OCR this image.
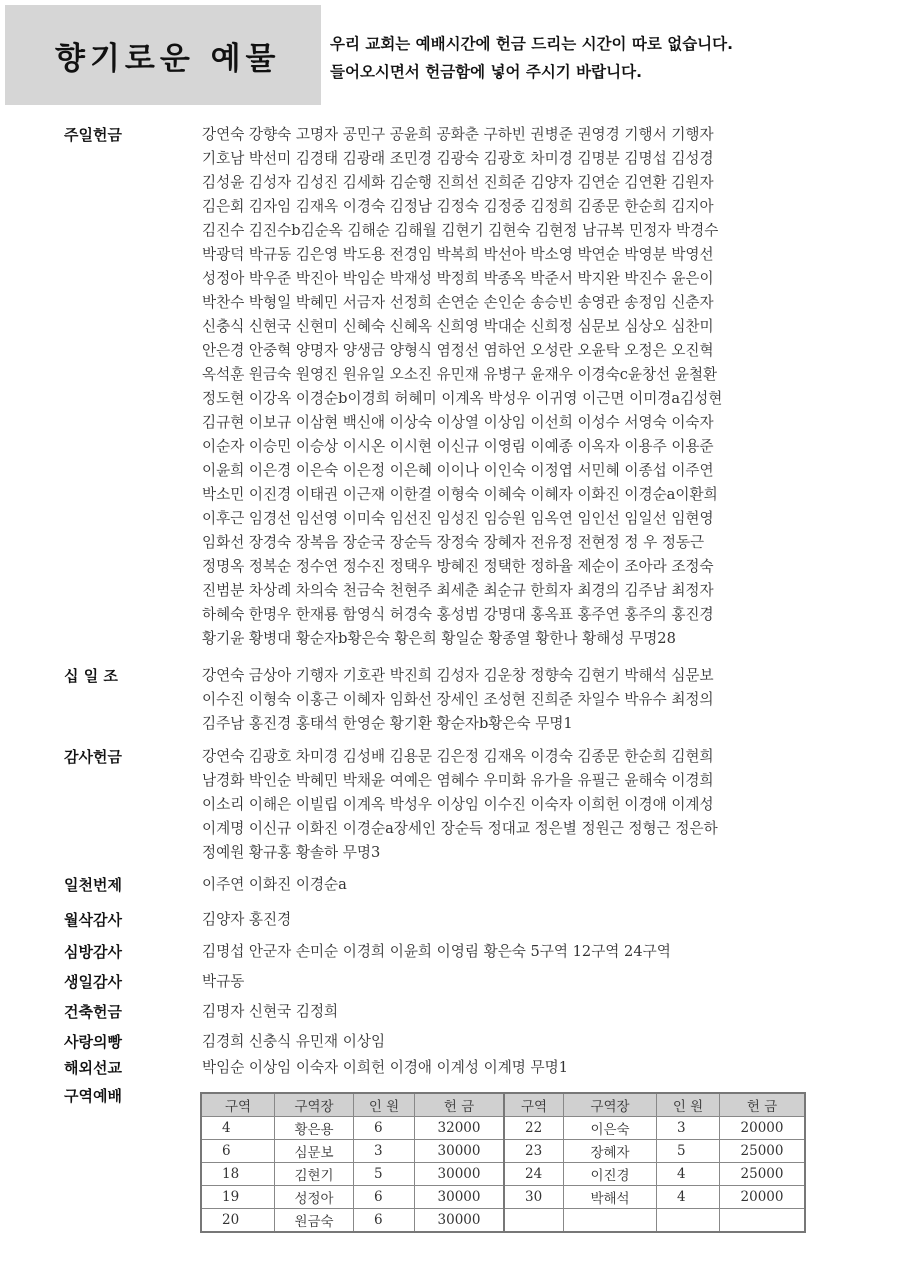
향기로운 예물	우리 교회는 예배시간에 헌금 드리는 시간이 따로 없습니다.
들어오시면서 헌금함에 넣어 주시기 바랍니다.
주일헌금	강연숙 강향숙 고명자 공민구 공윤희 공화춘 구하빈 권병준 권영경 기행서 기행자
기호남 박선미 김경태 김광래 조민경 김광숙 김광호 차미경 김명분 김명섭 김성경
김성윤 김성자 김성진 김세화 김순행 진희선 진희준 김양자 김연순 김연환 김원자
김은회 김자임 김재옥 이경숙 김정남 김정숙 김정중 김정희 김종문 한순희 김지아
김진수 김진수b김순옥 김해순 김해월 김현기 김현숙 김현정 남규복 민정자 박경수
박광덕 박규동 김은영 박도용 전경임 박복희 박선아 박소영 박연순 박영분 박영선
성정아 박우준 박진아 박임순 박재성 박정희 박종옥 박준서 박지완 박진수 윤은이
박찬수 박형일 박혜민 서금자 선정희 손연순 손인순 송승빈 송영관 송정임 신춘자
신충식 신현국 신현미 신혜숙 신혜옥 신희영 박대순 신희정 심문보 심상오 심찬미
안은경 안중혁 양명자 양생금 양형식 염정선 염하언 오성란 오윤탁 오정은 오진혁
옥석훈 원금숙 원영진 원유일 오소진 유민재 유병구 윤재우 이경숙c윤창선 윤철환
정도현 이강옥 이경순b이경희 허혜미 이계옥 박성우 이귀영 이근면 이미경a김성현
김규현 이보규 이삼현 백신애 이상숙 이상열 이상임 이선희 이성수 서영숙 이숙자
이순자 이승민 이승상 이시온 이시현 이신규 이영림 이예종 이옥자 이용주 이용준
이윤희 이은경 이은숙 이은정 이은혜 이이나 이인숙 이정엽 서민혜 이종섭 이주연
박소민 이진경 이태권 이근재 이한결 이형숙 이혜숙 이혜자 이화진 이경순a이환희
이후근 임경선 임선영 이미숙 임선진 임성진 임승원 임옥연 임인선 임일선 임현영
임화선 장경숙 장복음 장순국 장순득 장정숙 장혜자 전유정 전현정 정 우 정동근
정명옥 정복순 정수연 정수진 정택우 방혜진 정택한 정하율 제순이 조아라 조정숙
진범분 차상례 차의숙 천금숙 천현주 최세춘 최순규 한희자 최경의 김주남 최정자
하혜숙 한명우 한재룡 함영식 허경숙 홍성범 강명대 홍옥표 홍주연 홍주의 홍진경
황기윤 황병대 황순자b황은숙 황은희 황일순 황종열 황한나 황해성 무명28
십 일 조	강연숙 금상아 기행자 기호관 박진희 김성자 김운창 정향숙 김현기 박해석 심문보
이수진 이형숙 이홍근 이혜자 임화선 장세인 조성현 진희준 차일수 박유수 최정의
김주남 홍진경 홍태석 한영순 황기환 황순자b황은숙 무명1
감사헌금	강연숙 김광호 차미경 김성배 김용문 김은정 김재옥 이경숙 김종문 한순희 김현희
남경화 박인순 박혜민 박채윤 여예은 염혜수 우미화 유가을 유필근 윤해숙 이경희
이소리 이해은 이빌립 이계옥 박성우 이상임 이수진 이숙자 이희헌 이경애 이계성
이계명 이신규 이화진 이경순a장세인 장순득 정대교 정은별 정원근 정형근 정은하
정예원 황규홍 황솔하 무명3
일천번제	이주연 이화진 이경순a
월삭감사	김양자 홍진경
심방감사	김명섭 안군자 손미순 이경희 이윤희 이영림 황은숙 5구역 12구역 24구역
생일감사	박규동
건축헌금	김명자 신현국 김정희
사랑의빵	김경희 신충식 유민재 이상임
해외선교	박임순 이상임 이숙자 이희헌 이경애 이계성 이계명 무명1
구역예배
구역	구역장	인 원	헌 금	구역	구역장	인 원	헌 금
4	황은용	6	32000	22	이은숙	3	20000
6	심문보	3	30000	23	장혜자	5	25000
18	김현기	5	30000	24	이진경	4	25000
19	성정아	6	30000	30	박해석	4	20000
20	원금숙	6	30000				
